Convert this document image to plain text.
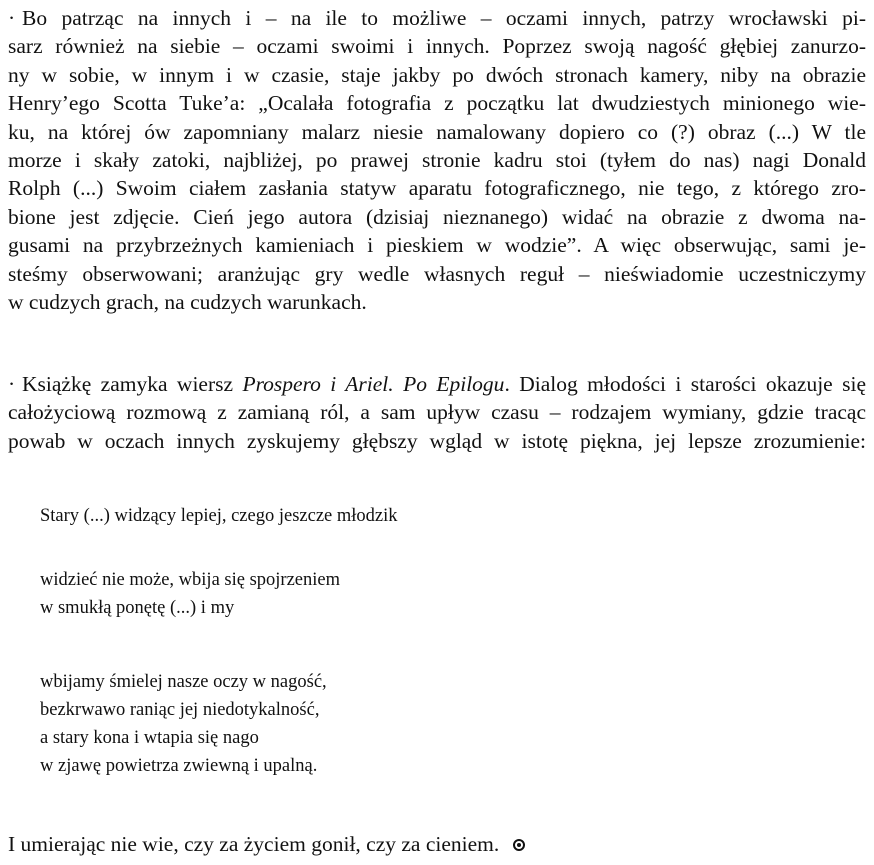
· Bo patrząc na innych i – na ile to możliwe – oczami innych, patrzy wrocławski pi-
sarz również na siebie – oczami swoimi i innych. Poprzez swoją nagość głębiej zanurzo-
ny w sobie, w innym i w czasie, staje jakby po dwóch stronach kamery, niby na obrazie
Henry’ego Scotta Tuke’a: „Ocalała fotografia z początku lat dwudziestych minionego wie-
ku, na której ów zapomniany malarz niesie namalowany dopiero co (?) obraz (...) W tle
morze i skały zatoki, najbliżej, po prawej stronie kadru stoi (tyłem do nas) nagi Donald
Rolph (...) Swoim ciałem zasłania statyw aparatu fotograficznego, nie tego, z którego zro-
bione jest zdjęcie. Cień jego autora (dzisiaj nieznanego) widać na obrazie z dwoma na-
gusami na przybrzeżnych kamieniach i pieskiem w wodzie”. A więc obserwując, sami je-
steśmy obserwowani; aranżując gry wedle własnych reguł – nieświadomie uczestniczymy
w cudzych grach, na cudzych warunkach.
· Książkę zamyka wiersz Prospero i Ariel. Po Epilogu. Dialog młodości i starości okazuje się
całożyciową rozmową z zamianą ról, a sam upływ czasu – rodzajem wymiany, gdzie tracąc
powab w oczach innych zyskujemy głębszy wgląd w istotę piękna, jej lepsze zrozumienie:
Stary (...) widzący lepiej, czego jeszcze młodzik
widzieć nie może, wbija się spojrzeniem
w smukłą ponętę (...) i my
wbijamy śmielej nasze oczy w nagość,
bezkrwawo raniąc jej niedotykalność,
a stary kona i wtapia się nago
w zjawę powietrza zwiewną i upalną.

I umierając nie wie, czy za życiem gonił, czy za cieniem.
